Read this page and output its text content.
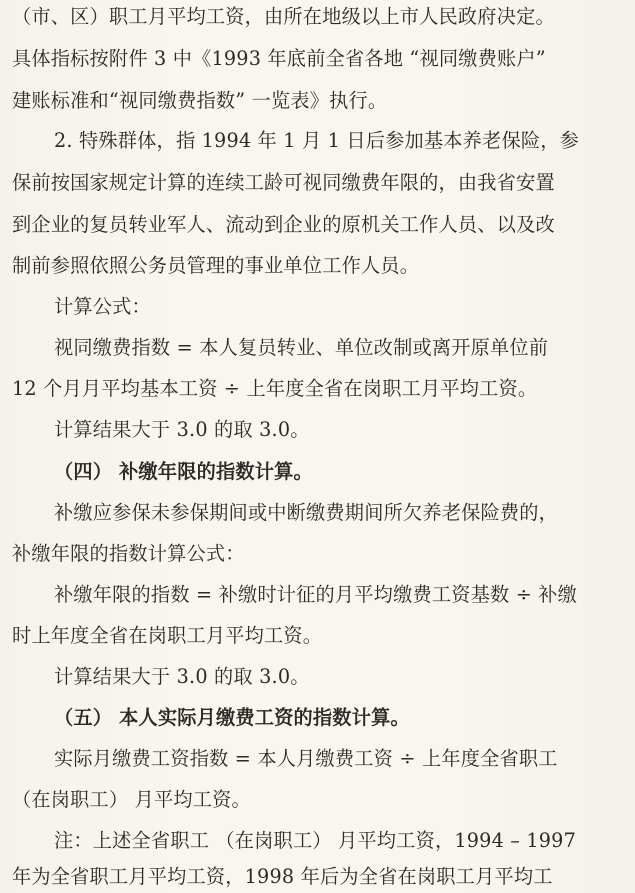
（市、区）职工月平均工资，由所在地级以上市人民政府决定。
具体指标按附件 3 中《1993 年底前全省各地 “视同缴费账户”
建账标准和“视同缴费指数” 一览表》执行。
2. 特殊群体，指 1994 年 1 月 1 日后参加基本养老保险，参
保前按国家规定计算的连续工龄可视同缴费年限的，由我省安置
到企业的复员转业军人、流动到企业的原机关工作人员、以及改
制前参照依照公务员管理的事业单位工作人员。
计算公式：
视同缴费指数 = 本人复员转业、单位改制或离开原单位前
12 个月月平均基本工资 ÷ 上年度全省在岗职工月平均工资。
计算结果大于 3.0 的取 3.0。
（四） 补缴年限的指数计算。
补缴应参保未参保期间或中断缴费期间所欠养老保险费的，
补缴年限的指数计算公式：
补缴年限的指数 = 补缴时计征的月平均缴费工资基数 ÷ 补缴
时上年度全省在岗职工月平均工资。
计算结果大于 3.0 的取 3.0。
（五） 本人实际月缴费工资的指数计算。
实际月缴费工资指数 = 本人月缴费工资 ÷ 上年度全省职工
（在岗职工） 月平均工资。
注：上述全省职工 （在岗职工） 月平均工资，1994 – 1997
年为全省职工月平均工资，1998 年后为全省在岗职工月平均工
